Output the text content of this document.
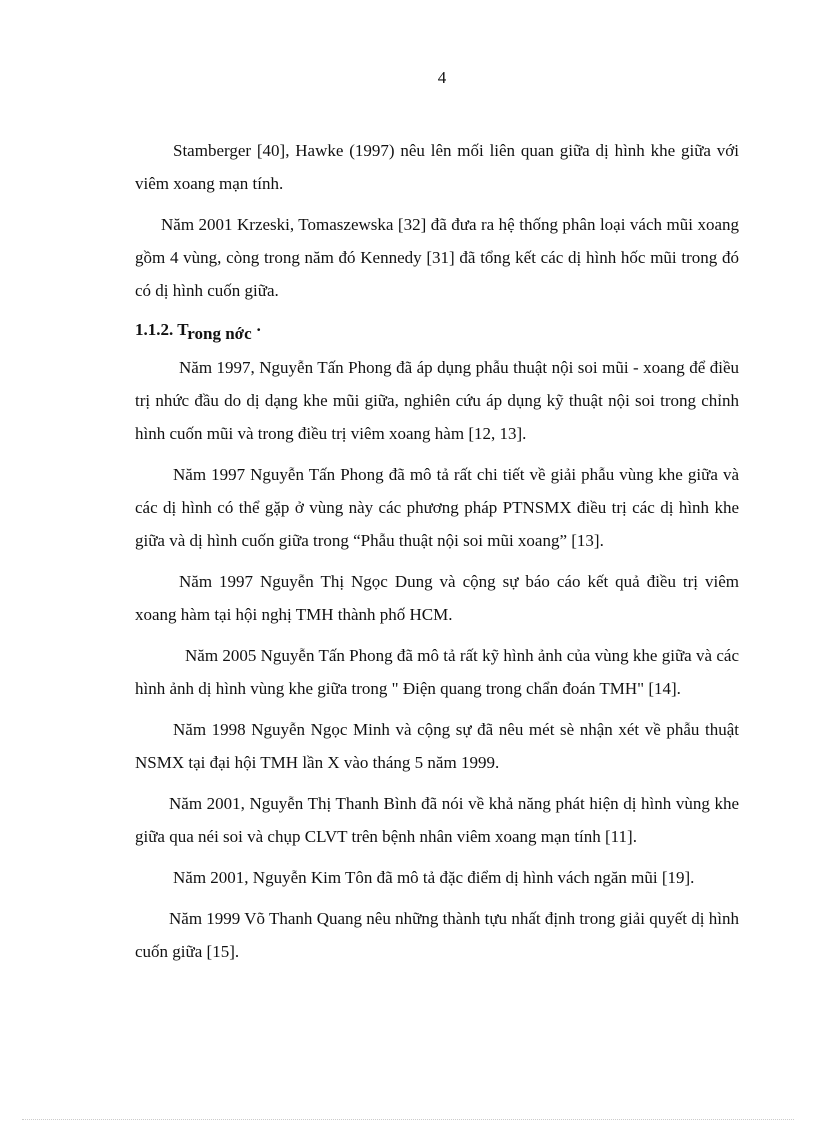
4

Stamberger [40], Hawke (1997) nêu lên mối liên quan giữa dị hình khe giữa với viêm xoang mạn tính.

Năm 2001 Krzeski, Tomaszewska [32] đã đưa ra hệ thống phân loại vách mũi xoang gồm 4 vùng, còng trong năm đó Kennedy [31] đã tổng kết các dị hình hốc mũi trong đó có dị hình cuốn giữa.

1.1.2. Trong nớc ·

Năm 1997, Nguyễn Tấn Phong đã áp dụng phẫu thuật nội soi mũi - xoang để điều trị nhức đầu do dị dạng khe mũi giữa, nghiên cứu áp dụng kỹ thuật nội soi trong chỉnh hình cuốn mũi và trong điều trị viêm xoang hàm [12, 13].

Năm 1997 Nguyễn Tấn Phong đã mô tả rất chi tiết về giải phẫu vùng khe giữa và các dị hình có thể gặp ở vùng này các phương pháp PTNSMX điều trị các dị hình khe giữa và dị hình cuốn giữa trong “Phẫu thuật nội soi mũi xoang” [13].

Năm 1997 Nguyễn Thị Ngọc Dung và cộng sự báo cáo kết quả điều trị viêm xoang hàm tại hội nghị TMH thành phố HCM.

Năm 2005 Nguyễn Tấn Phong đã mô tả rất kỹ hình ảnh của vùng khe giữa và các hình ảnh dị hình vùng khe giữa trong " Điện quang trong chẩn đoán TMH" [14].

Năm 1998 Nguyễn Ngọc Minh và cộng sự đã nêu mét sè nhận xét về phẫu thuật NSMX tại đại hội TMH lần X vào tháng 5 năm 1999.

Năm 2001, Nguyễn Thị Thanh Bình đã nói về khả năng phát hiện dị hình vùng khe giữa qua néi soi và chụp CLVT trên bệnh nhân viêm xoang mạn tính [11].

Năm 2001, Nguyễn Kim Tôn đã mô tả đặc điểm dị hình vách ngăn mũi [19].

Năm 1999 Võ Thanh Quang nêu những thành tựu nhất định trong giải quyết dị hình cuốn giữa [15].
